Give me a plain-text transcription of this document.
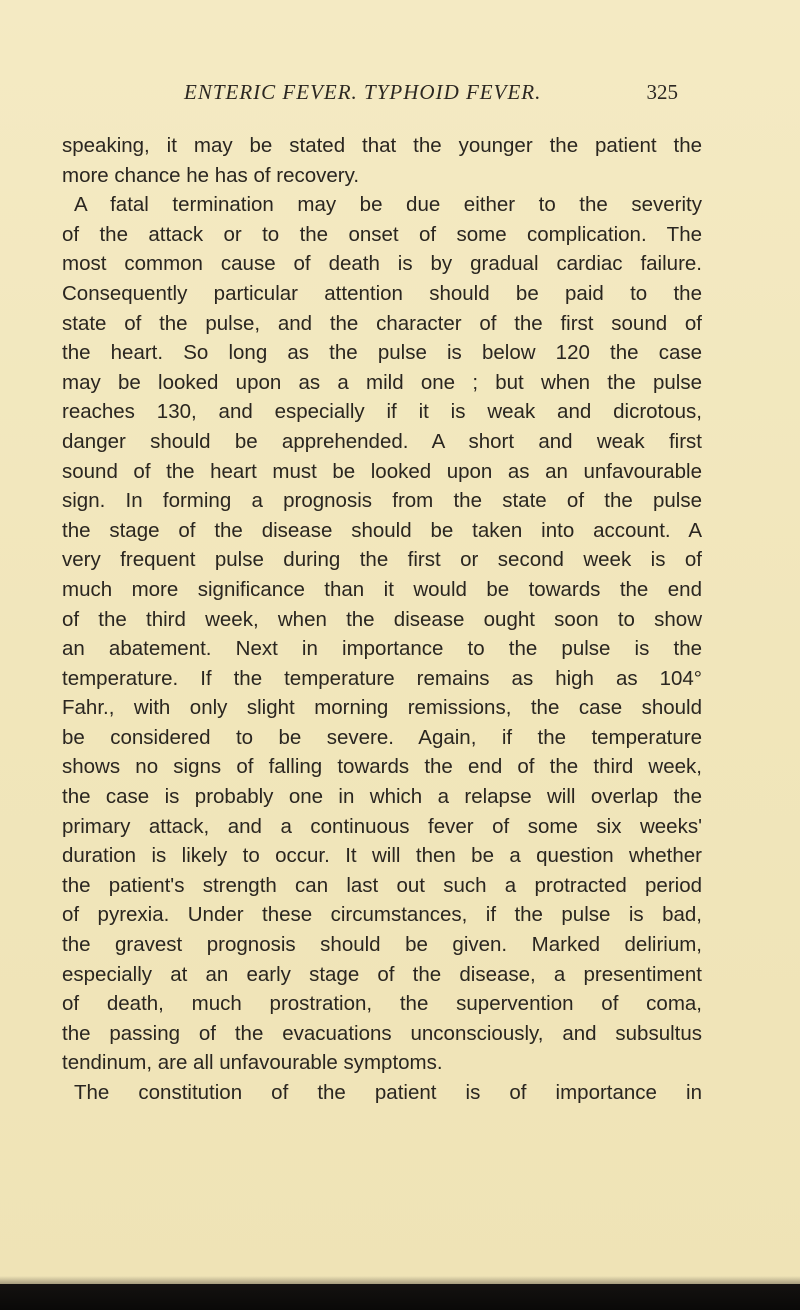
ENTERIC FEVER. TYPHOID FEVER.	325
speaking, it may be stated that the younger the patient the
more chance he has of recovery.
A fatal termination may be due either to the severity
of the attack or to the onset of some complication. The
most common cause of death is by gradual cardiac failure.
Consequently particular attention should be paid to the
state of the pulse, and the character of the first sound of
the heart. So long as the pulse is below 120 the case
may be looked upon as a mild one ; but when the pulse
reaches 130, and especially if it is weak and dicrotous,
danger should be apprehended. A short and weak first
sound of the heart must be looked upon as an unfavourable
sign. In forming a prognosis from the state of the pulse
the stage of the disease should be taken into account. A
very frequent pulse during the first or second week is of
much more significance than it would be towards the end
of the third week, when the disease ought soon to show
an abatement. Next in importance to the pulse is the
temperature. If the temperature remains as high as 104°
Fahr., with only slight morning remissions, the case should
be considered to be severe. Again, if the temperature
shows no signs of falling towards the end of the third week,
the case is probably one in which a relapse will overlap the
primary attack, and a continuous fever of some six weeks'
duration is likely to occur. It will then be a question whether
the patient's strength can last out such a protracted period
of pyrexia. Under these circumstances, if the pulse is bad,
the gravest prognosis should be given. Marked delirium,
especially at an early stage of the disease, a presentiment
of death, much prostration, the supervention of coma,
the passing of the evacuations unconsciously, and subsultus
tendinum, are all unfavourable symptoms.
The constitution of the patient is of importance in
